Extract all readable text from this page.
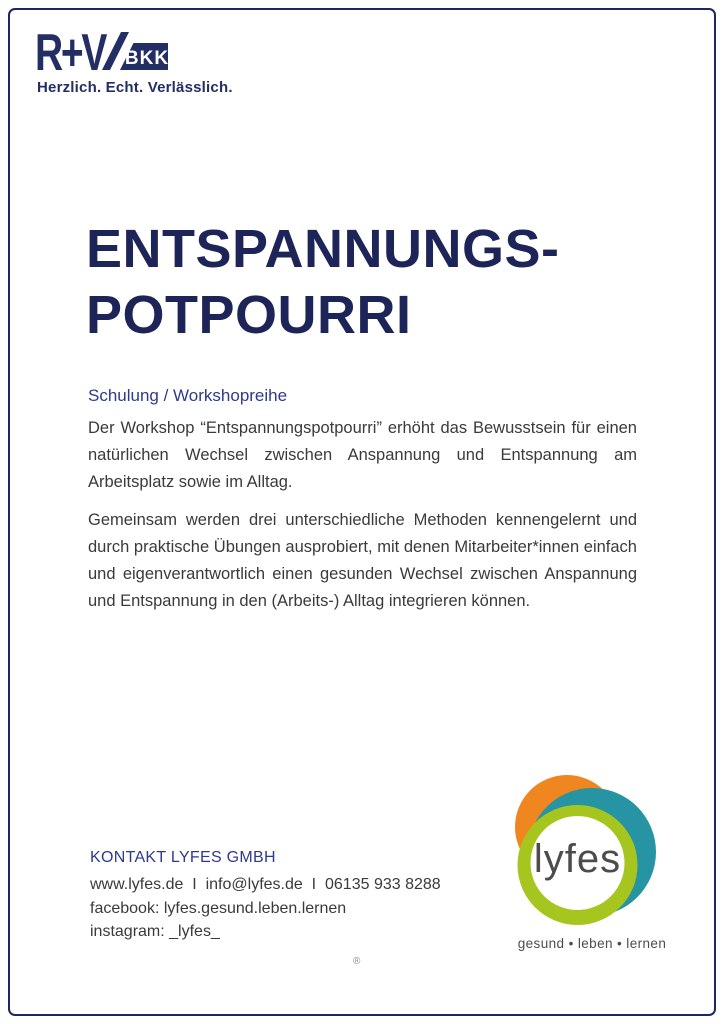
R+V BKK
Herzlich. Echt. Verlässlich.
ENTSPANNUNGS-
POTPOURRI
Schulung / Workshopreihe

Der Workshop “Entspannungspotpourri” erhöht das Bewusstsein für einen natürlichen Wechsel zwischen Anspannung und Entspannung am Arbeitsplatz sowie im Alltag.

Gemeinsam werden drei unterschiedliche Methoden kennengelernt und durch praktische Übungen ausprobiert, mit denen Mitarbeiter*innen einfach und eigenverantwortlich einen gesunden Wechsel zwischen Anspannung und Entspannung in den (Arbeits-) Alltag integrieren können.

KONTAKT LYFES GMBH
www.lyfes.de  I  info@lyfes.de  I  06135 933 8288
facebook: lyfes.gesund.leben.lernen
instagram: _lyfes_
lyfes
gesund • leben • lernen
®
